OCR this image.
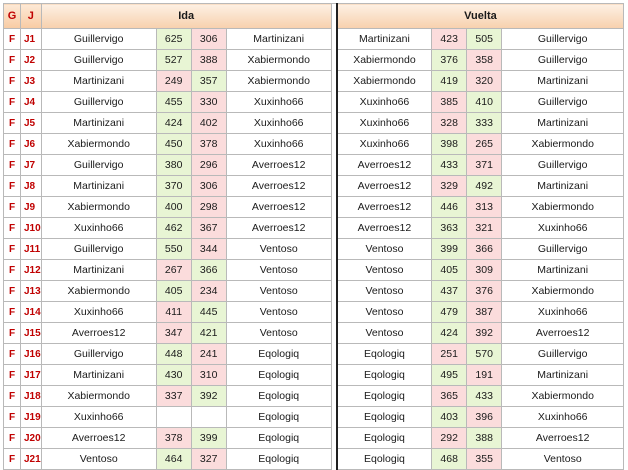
G	J	Ida					Vuelta			
F	J1	Guillervigo	625	306	Martinizani		Martinizani	423	505	Guillervigo
F	J2	Guillervigo	527	388	Xabiermondo		Xabiermondo	376	358	Guillervigo
F	J3	Martinizani	249	357	Xabiermondo		Xabiermondo	419	320	Martinizani
F	J4	Guillervigo	455	330	Xuxinho66		Xuxinho66	385	410	Guillervigo
F	J5	Martinizani	424	402	Xuxinho66		Xuxinho66	328	333	Martinizani
F	J6	Xabiermondo	450	378	Xuxinho66		Xuxinho66	398	265	Xabiermondo
F	J7	Guillervigo	380	296	Averroes12		Averroes12	433	371	Guillervigo
F	J8	Martinizani	370	306	Averroes12		Averroes12	329	492	Martinizani
F	J9	Xabiermondo	400	298	Averroes12		Averroes12	446	313	Xabiermondo
F	J10	Xuxinho66	462	367	Averroes12		Averroes12	363	321	Xuxinho66
F	J11	Guillervigo	550	344	Ventoso		Ventoso	399	366	Guillervigo
F	J12	Martinizani	267	366	Ventoso		Ventoso	405	309	Martinizani
F	J13	Xabiermondo	405	234	Ventoso		Ventoso	437	376	Xabiermondo
F	J14	Xuxinho66	411	445	Ventoso		Ventoso	479	387	Xuxinho66
F	J15	Averroes12	347	421	Ventoso		Ventoso	424	392	Averroes12
F	J16	Guillervigo	448	241	Eqologiq		Eqologiq	251	570	Guillervigo
F	J17	Martinizani	430	310	Eqologiq		Eqologiq	495	191	Martinizani
F	J18	Xabiermondo	337	392	Eqologiq		Eqologiq	365	433	Xabiermondo
F	J19	Xuxinho66			Eqologiq		Eqologiq	403	396	Xuxinho66
F	J20	Averroes12	378	399	Eqologiq		Eqologiq	292	388	Averroes12
F	J21	Ventoso	464	327	Eqologiq		Eqologiq	468	355	Ventoso
